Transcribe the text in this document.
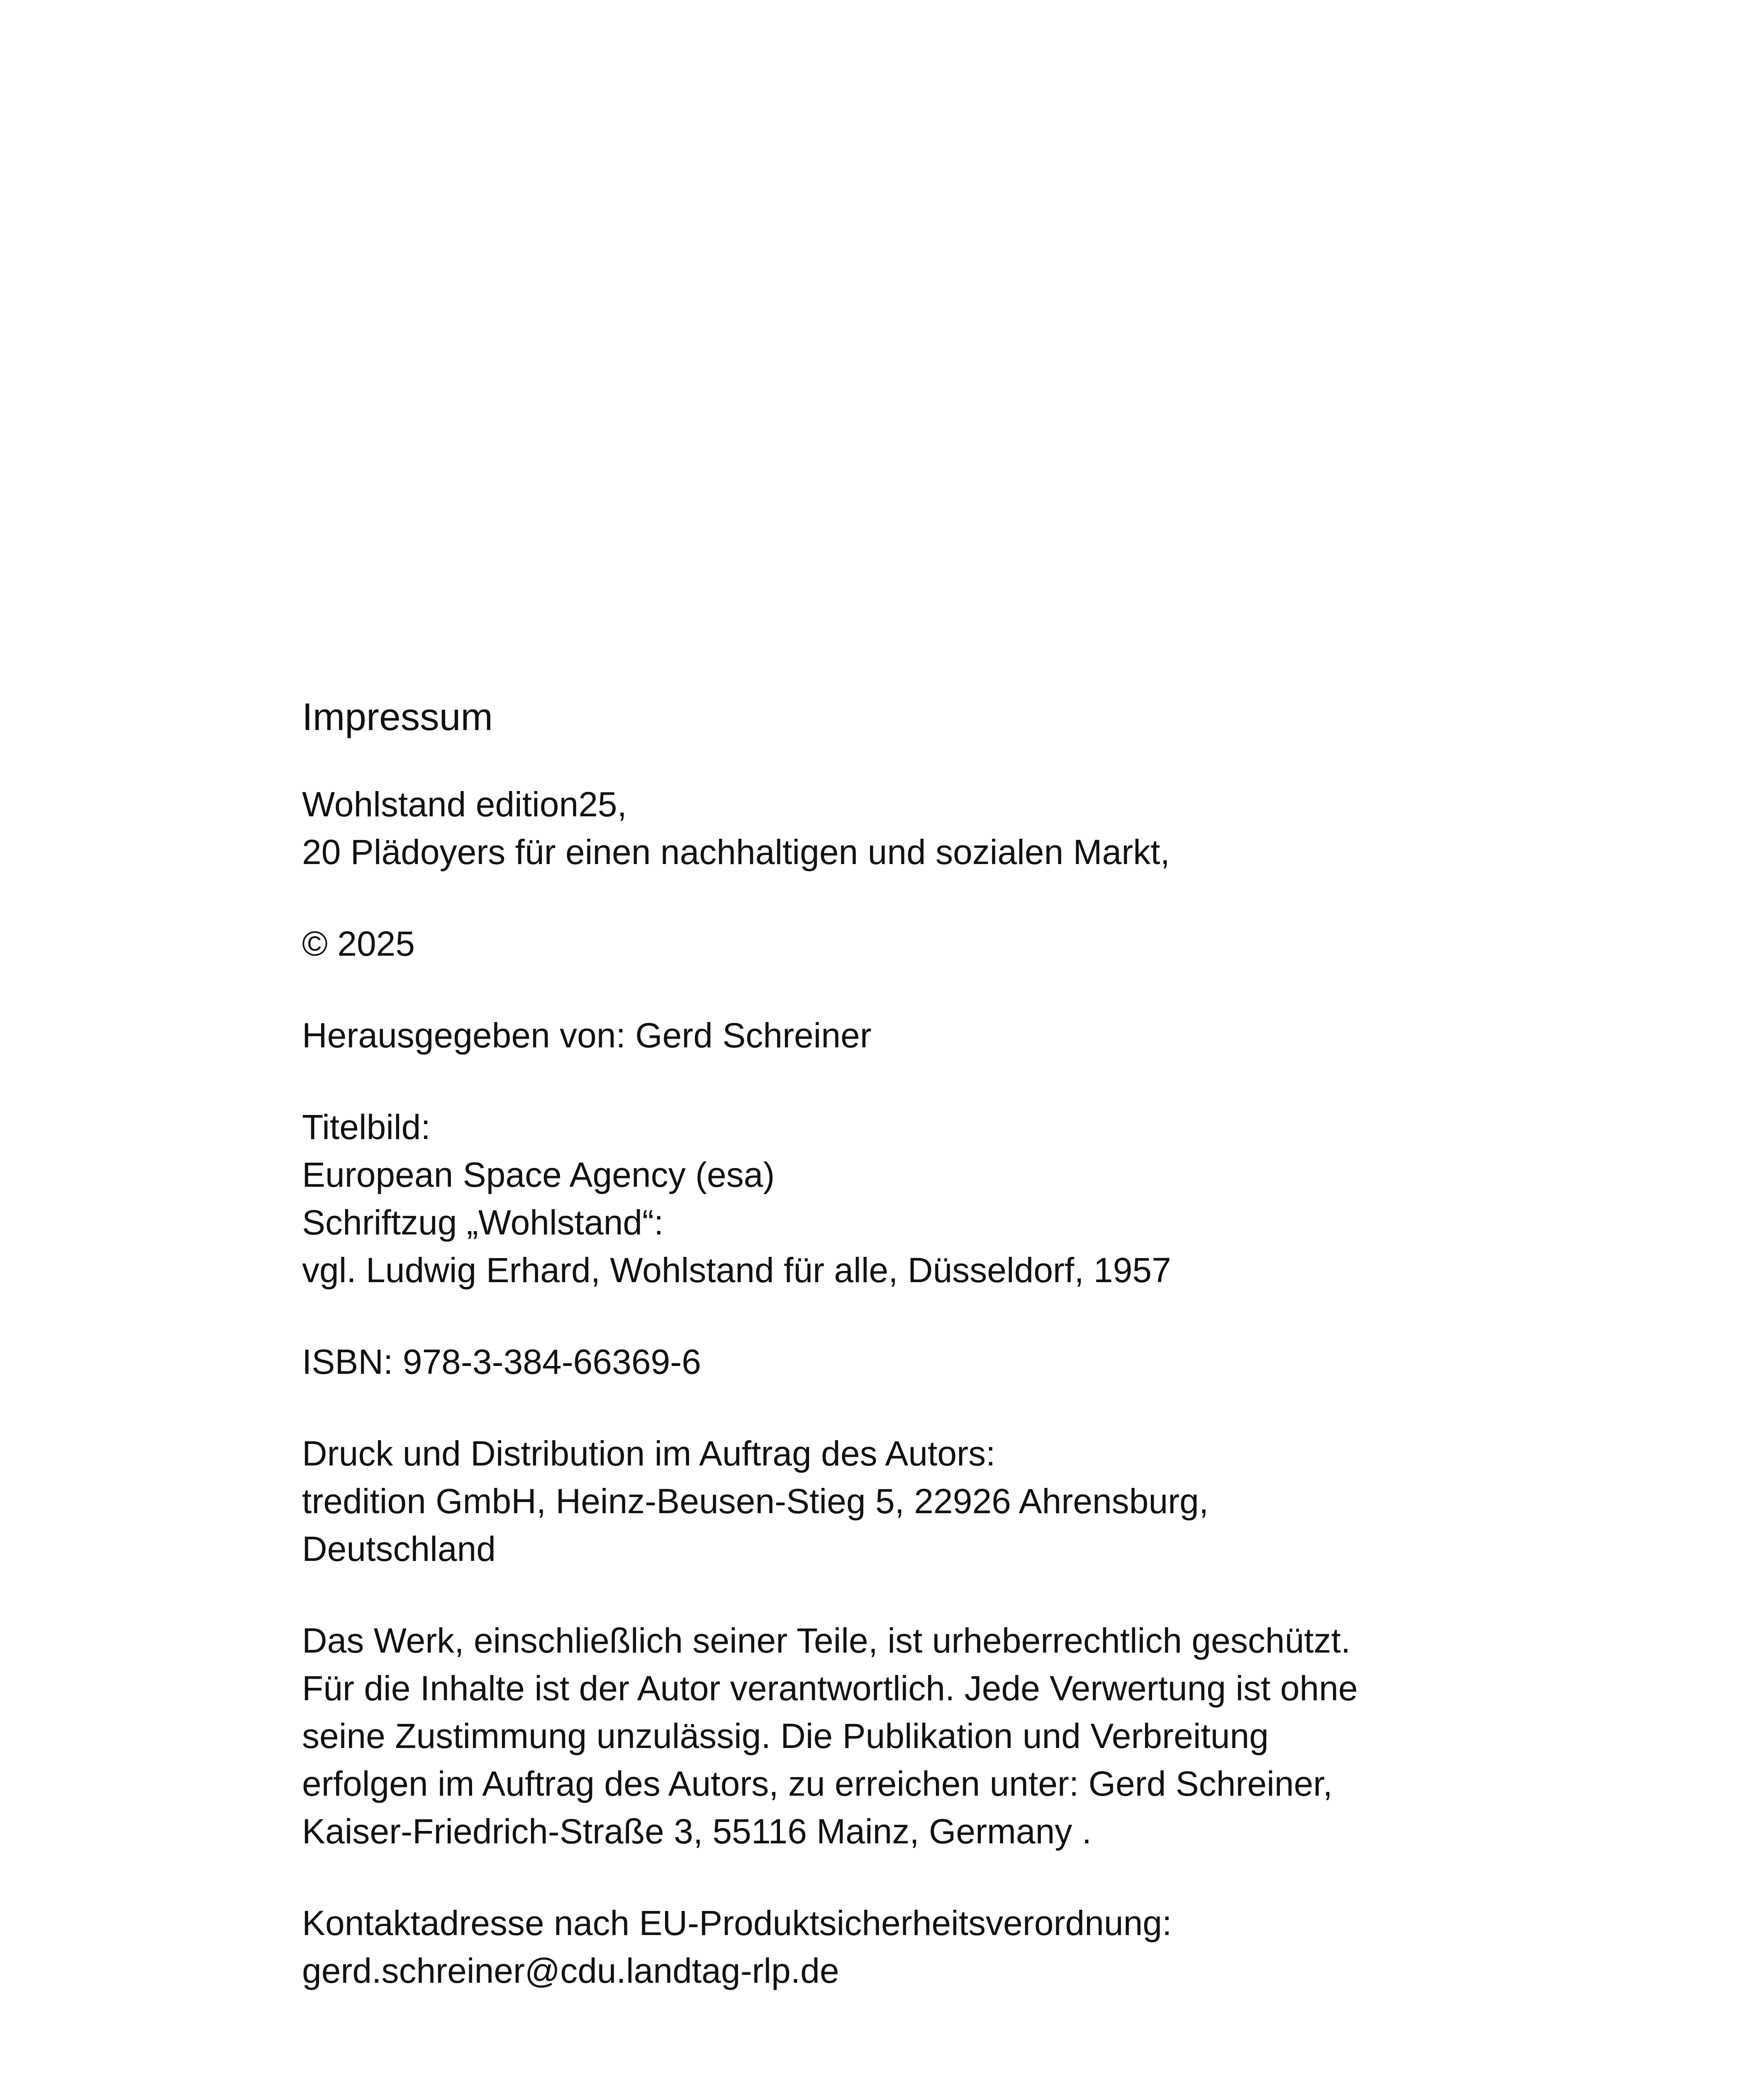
Impressum
Wohlstand edition25,
20 Plädoyers für einen nachhaltigen und sozialen Markt,
© 2025
Herausgegeben von: Gerd Schreiner
Titelbild:
European Space Agency (esa)
Schriftzug „Wohlstand“:
vgl. Ludwig Erhard, Wohlstand für alle, Düsseldorf, 1957
ISBN: 978-3-384-66369-6
Druck und Distribution im Auftrag des Autors:
tredition GmbH, Heinz-Beusen-Stieg 5, 22926 Ahrensburg,
Deutschland
Das Werk, einschließlich seiner Teile, ist urheberrechtlich geschützt.
Für die Inhalte ist der Autor verantwortlich. Jede Verwertung ist ohne
seine Zustimmung unzulässig. Die Publikation und Verbreitung
erfolgen im Auftrag des Autors, zu erreichen unter: Gerd Schreiner,
Kaiser-Friedrich-Straße 3, 55116 Mainz, Germany .
Kontaktadresse nach EU-Produktsicherheitsverordnung:
gerd.schreiner@cdu.landtag-rlp.de
